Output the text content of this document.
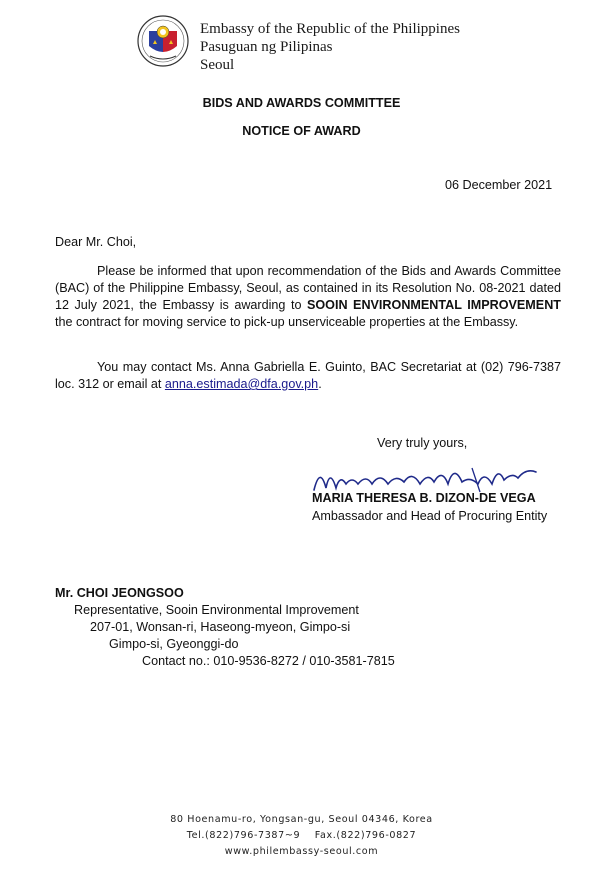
Embassy of the Republic of the Philippines
Pasuguan ng Pilipinas
Seoul
BIDS AND AWARDS COMMITTEE
NOTICE OF AWARD
06 December 2021
Dear Mr. Choi,
Please be informed that upon recommendation of the Bids and Awards Committee (BAC) of the Philippine Embassy, Seoul, as contained in its Resolution No. 08-2021 dated 12 July 2021, the Embassy is awarding to SOOIN ENVIRONMENTAL IMPROVEMENT the contract for moving service to pick-up unserviceable properties at the Embassy.
You may contact Ms. Anna Gabriella E. Guinto, BAC Secretariat at (02) 796-7387 loc. 312 or email at anna.estimada@dfa.gov.ph.
Very truly yours,
MARIA THERESA B. DIZON-DE VEGA
Ambassador and Head of Procuring Entity
Mr. CHOI JEONGSOO
Representative, Sooin Environmental Improvement
207-01, Wonsan-ri, Haseong-myeon, Gimpo-si
Gimpo-si, Gyeonggi-do
Contact no.: 010-9536-8272 / 010-3581-7815
80 Hoenamu-ro, Yongsan-gu, Seoul 04346, Korea
Tel.(822)796-7387~9    Fax.(822)796-0827
www.philembassy-seoul.com
